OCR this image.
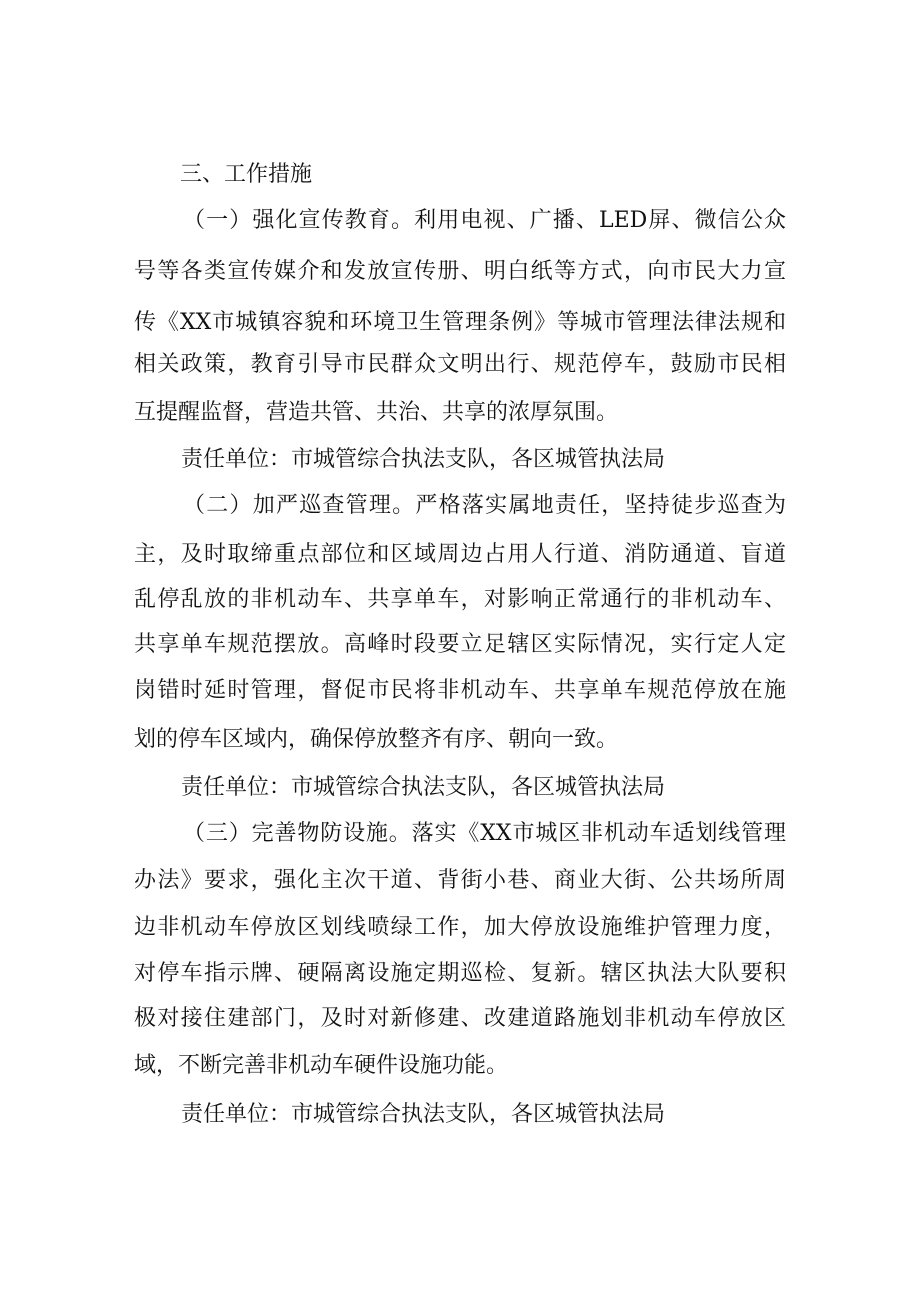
三、工作措施
（一）强化宣传教育。利用电视、广播、LED屏、微信公众
号等各类宣传媒介和发放宣传册、明白纸等方式，向市民大力宣
传《XX市城镇容貌和环境卫生管理条例》等城市管理法律法规和
相关政策，教育引导市民群众文明出行、规范停车，鼓励市民相
互提醒监督，营造共管、共治、共享的浓厚氛围。
责任单位：市城管综合执法支队，各区城管执法局
（二）加严巡查管理。严格落实属地责任，坚持徒步巡查为
主，及时取缔重点部位和区域周边占用人行道、消防通道、盲道
乱停乱放的非机动车、共享单车，对影响正常通行的非机动车、
共享单车规范摆放。高峰时段要立足辖区实际情况，实行定人定
岗错时延时管理，督促市民将非机动车、共享单车规范停放在施
划的停车区域内，确保停放整齐有序、朝向一致。
责任单位：市城管综合执法支队，各区城管执法局
（三）完善物防设施。落实《XX市城区非机动车适划线管理
办法》要求，强化主次干道、背街小巷、商业大街、公共场所周
边非机动车停放区划线喷绿工作，加大停放设施维护管理力度，
对停车指示牌、硬隔离设施定期巡检、复新。辖区执法大队要积
极对接住建部门，及时对新修建、改建道路施划非机动车停放区
域，不断完善非机动车硬件设施功能。
责任单位：市城管综合执法支队，各区城管执法局
